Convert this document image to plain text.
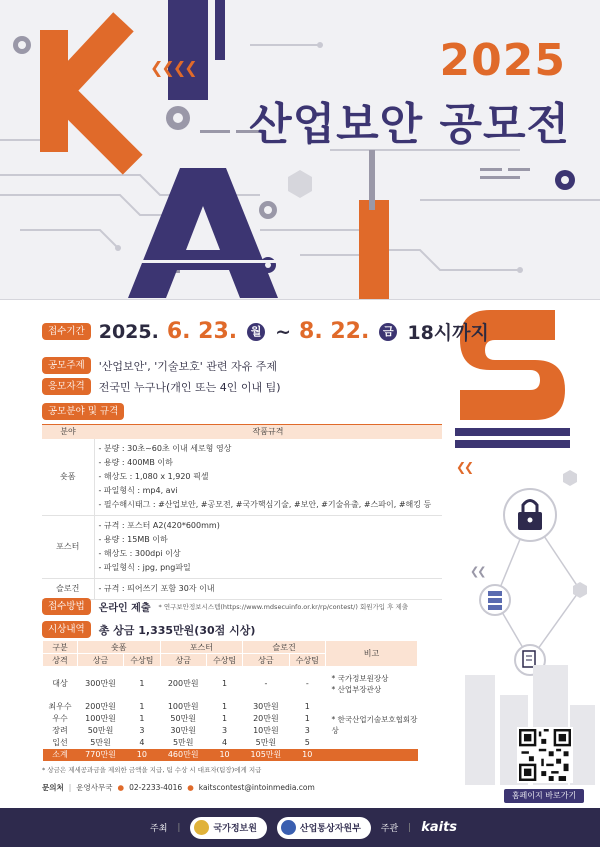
❮❮❮❮	2025
산업보안 공모전
❮❮
❮❮
접수기간 2025. 6. 23.	월 ~ 8. 22.	금 18시까지
공모주제	'산업보안', '기술보호' 관련 자유 주제
응모자격	전국민 누구나(개인 또는 4인 이내 팀)
공모분야 및 규격
분야	작품규격
숏폼	- 분량 : 30초~60초 이내 세로형 영상
- 용량 : 400MB 이하
- 해상도 : 1,080 x 1,920 픽셀
- 파일형식 : mp4, avi
- 필수해시태그 : #산업보안, #공모전, #국가핵심기술, #보안, #기술유출, #스파이, #해킹 등

포스터	- 규격 : 포스터 A2(420*600mm)
- 용량 : 15MB 이하
- 해상도 : 300dpi 이상
- 파일형식 : jpg, png파일

슬로건	- 규격 : 띄어쓰기 포함 30자 이내
접수방법	온라인 제출 * 연구보안정보시스템(https://www.mdsecuinfo.or.kr/rp/contest/) 회원가입 후 제출
시상내역	총 상금 1,335만원(30점 시상)
구분	숏폼		포스터		슬로건		비고
상격	상금	수상팀	상금	수상팀	상금	수상팀	
대상	300만원	1	200만원	1	-	-	* 국가정보원장상
* 산업부장관상

최우수	200만원	1	100만원	1	30만원	1	* 한국산업기술보호협회장상
우수	100만원	1	50만원	1	20만원	1	
장려	50만원	3	30만원	3	10만원	3	
입선	5만원	4	5만원	4	5만원	5	
소계	770만원	10	460만원	10	105만원	10	
* 상금은 제세공과금을 제외한 금액을 지급, 팀 수상 시 대표자(팀장)에게 지급
문의처 | 운영사무국 ● 02-2233-4016 ● kaitscontest@intoinmedia.com
홈페이지 바로가기
주최 |	국가정보원	산업통상자원부 주관 | kaits
